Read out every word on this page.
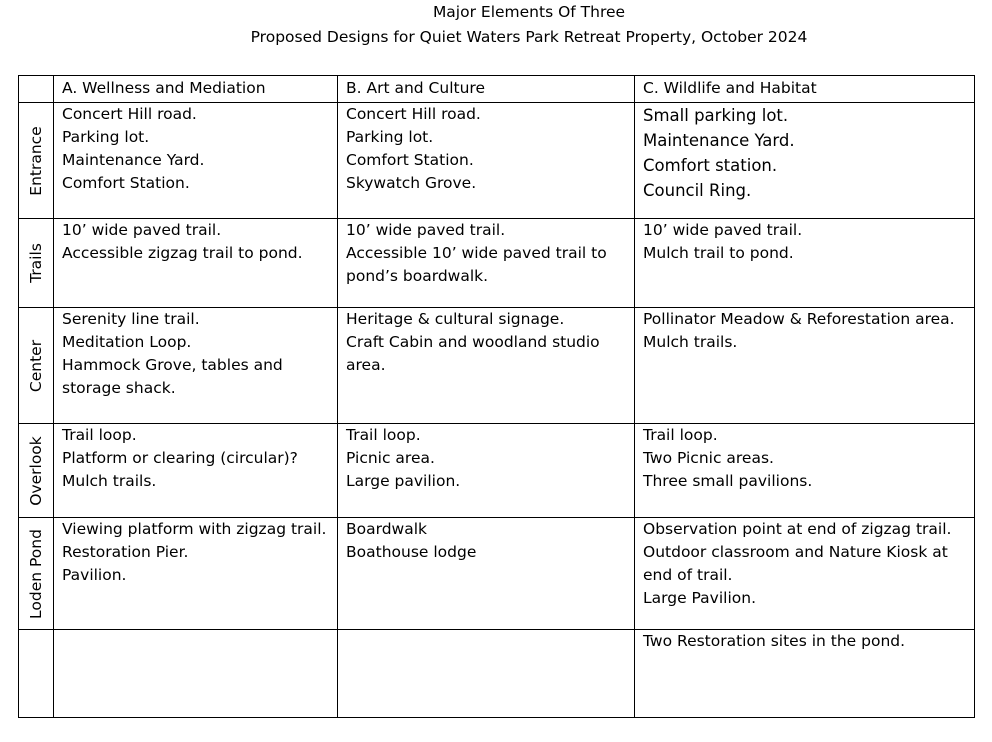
Major Elements Of Three
Proposed Designs for Quiet Waters Park Retreat Property, October 2024

	A. Wellness and Mediation	B. Art and Culture	C. Wildlife and Habitat

Entrance	Concert Hill road.
Parking lot.
Maintenance Yard.
Comfort Station.	Concert Hill road.
Parking lot.
Comfort Station.
Skywatch Grove.	Small parking lot.
Maintenance Yard.
Comfort station.
Council Ring.

Trails	10’ wide paved trail.
Accessible zigzag trail to pond.	10’ wide paved trail.
Accessible 10’ wide paved trail to
pond’s boardwalk.	10’ wide paved trail.
Mulch trail to pond.

Center	Serenity line trail.
Meditation Loop.
Hammock Grove, tables and
storage shack.	Heritage & cultural signage.
Craft Cabin and woodland studio
area.	Pollinator Meadow & Reforestation area.
Mulch trails.

Overlook	Trail loop.
Platform or clearing (circular)?
Mulch trails.	Trail loop.
Picnic area.
Large pavilion.	Trail loop.
Two Picnic areas.
Three small pavilions.

Loden Pond	Viewing platform with zigzag trail.
Restoration Pier.
Pavilion.	Boardwalk
Boathouse lodge	Observation point at end of zigzag trail.
Outdoor classroom and Nature Kiosk at
end of trail.
Large Pavilion.

			Two Restoration sites in the pond.
